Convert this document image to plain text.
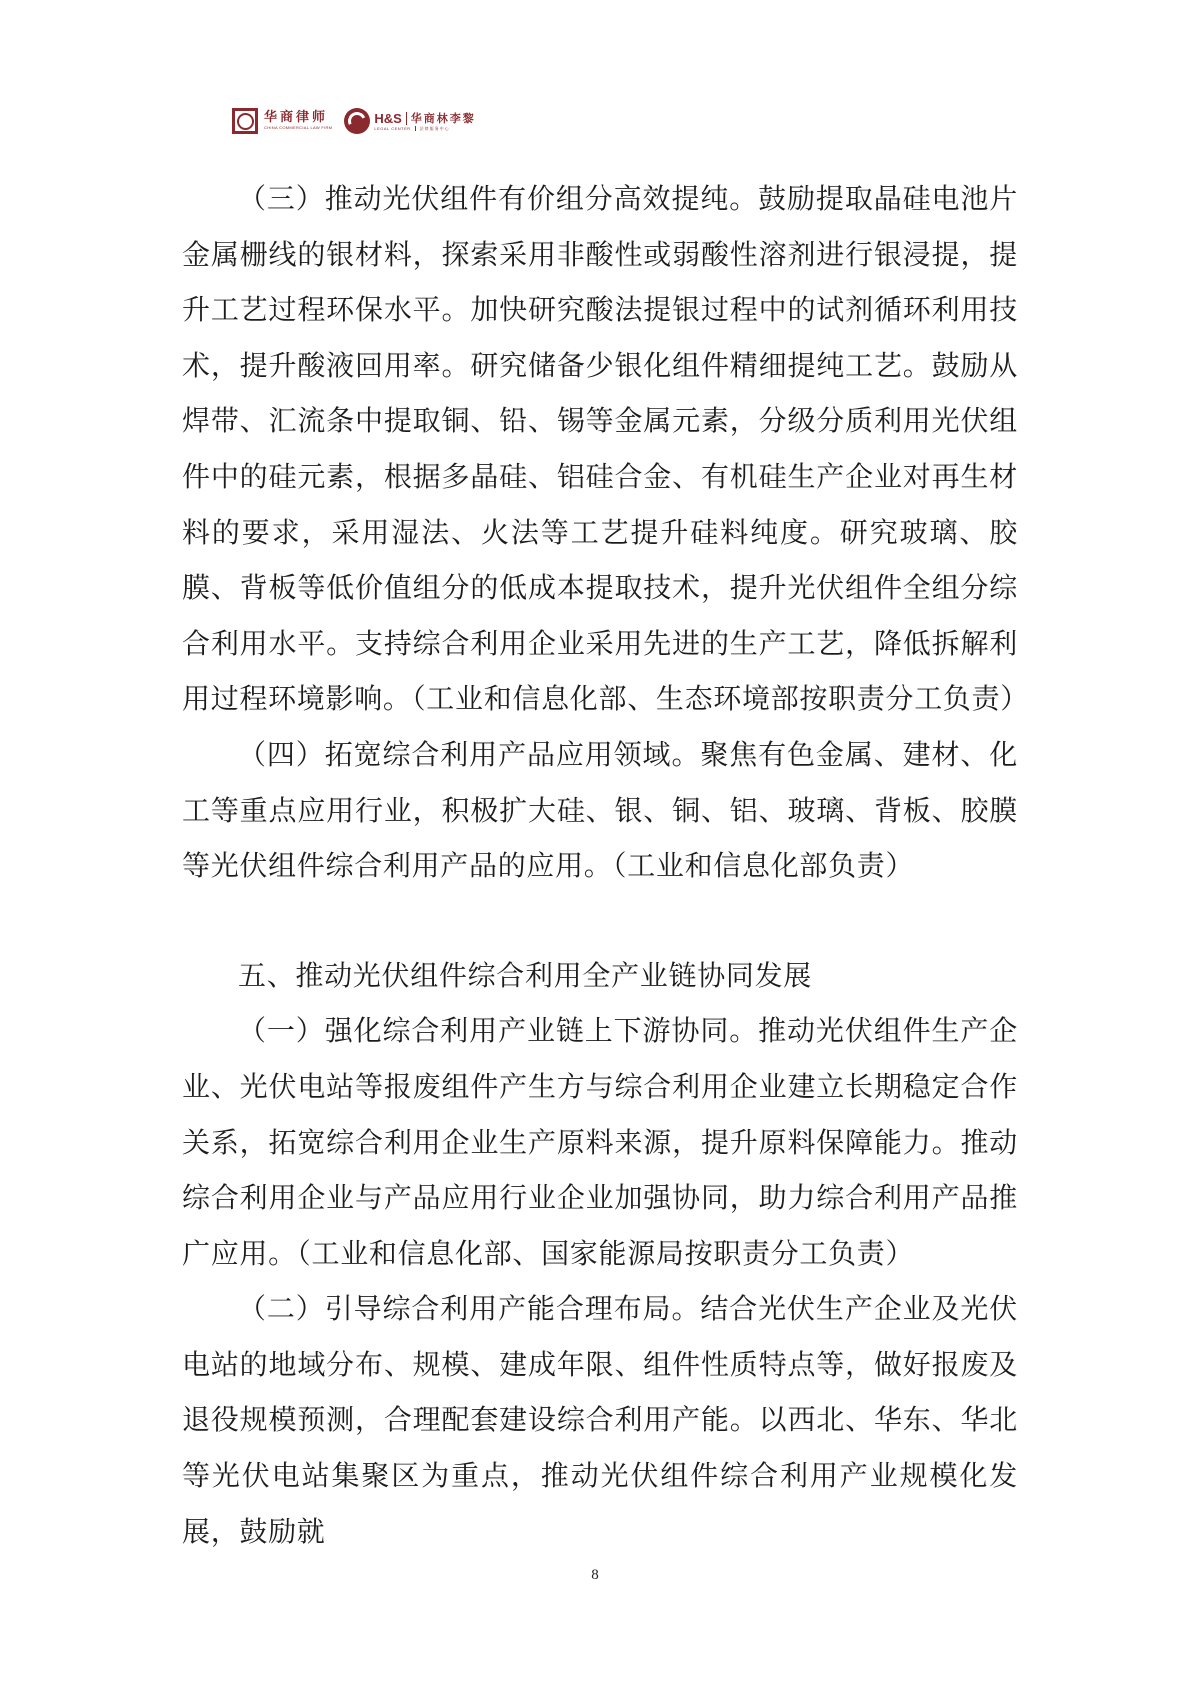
华商律师
CHINA COMMERCIAL LAW FIRM
H&S 华商林李黎
LEGAL CENTER 法律服务中心

（三）推动光伏组件有价组分高效提纯。鼓励提取晶硅电池片金属栅线的银材料，探索采用非酸性或弱酸性溶剂进行银浸提，提升工艺过程环保水平。加快研究酸法提银过程中的试剂循环利用技术，提升酸液回用率。研究储备少银化组件精细提纯工艺。鼓励从焊带、汇流条中提取铜、铅、锡等金属元素，分级分质利用光伏组件中的硅元素，根据多晶硅、铝硅合金、有机硅生产企业对再生材料的要求，采用湿法、火法等工艺提升硅料纯度。研究玻璃、胶膜、背板等低价值组分的低成本提取技术，提升光伏组件全组分综合利用水平。支持综合利用企业采用先进的生产工艺，降低拆解利用过程环境影响。（工业和信息化部、生态环境部按职责分工负责）

（四）拓宽综合利用产品应用领域。聚焦有色金属、建材、化工等重点应用行业，积极扩大硅、银、铜、铝、玻璃、背板、胶膜等光伏组件综合利用产品的应用。（工业和信息化部负责）

五、推动光伏组件综合利用全产业链协同发展

（一）强化综合利用产业链上下游协同。推动光伏组件生产企业、光伏电站等报废组件产生方与综合利用企业建立长期稳定合作关系，拓宽综合利用企业生产原料来源，提升原料保障能力。推动综合利用企业与产品应用行业企业加强协同，助力综合利用产品推广应用。（工业和信息化部、国家能源局按职责分工负责）

（二）引导综合利用产能合理布局。结合光伏生产企业及光伏电站的地域分布、规模、建成年限、组件性质特点等，做好报废及退役规模预测，合理配套建设综合利用产能。以西北、华东、华北等光伏电站集聚区为重点，推动光伏组件综合利用产业规模化发展，鼓励就

8
